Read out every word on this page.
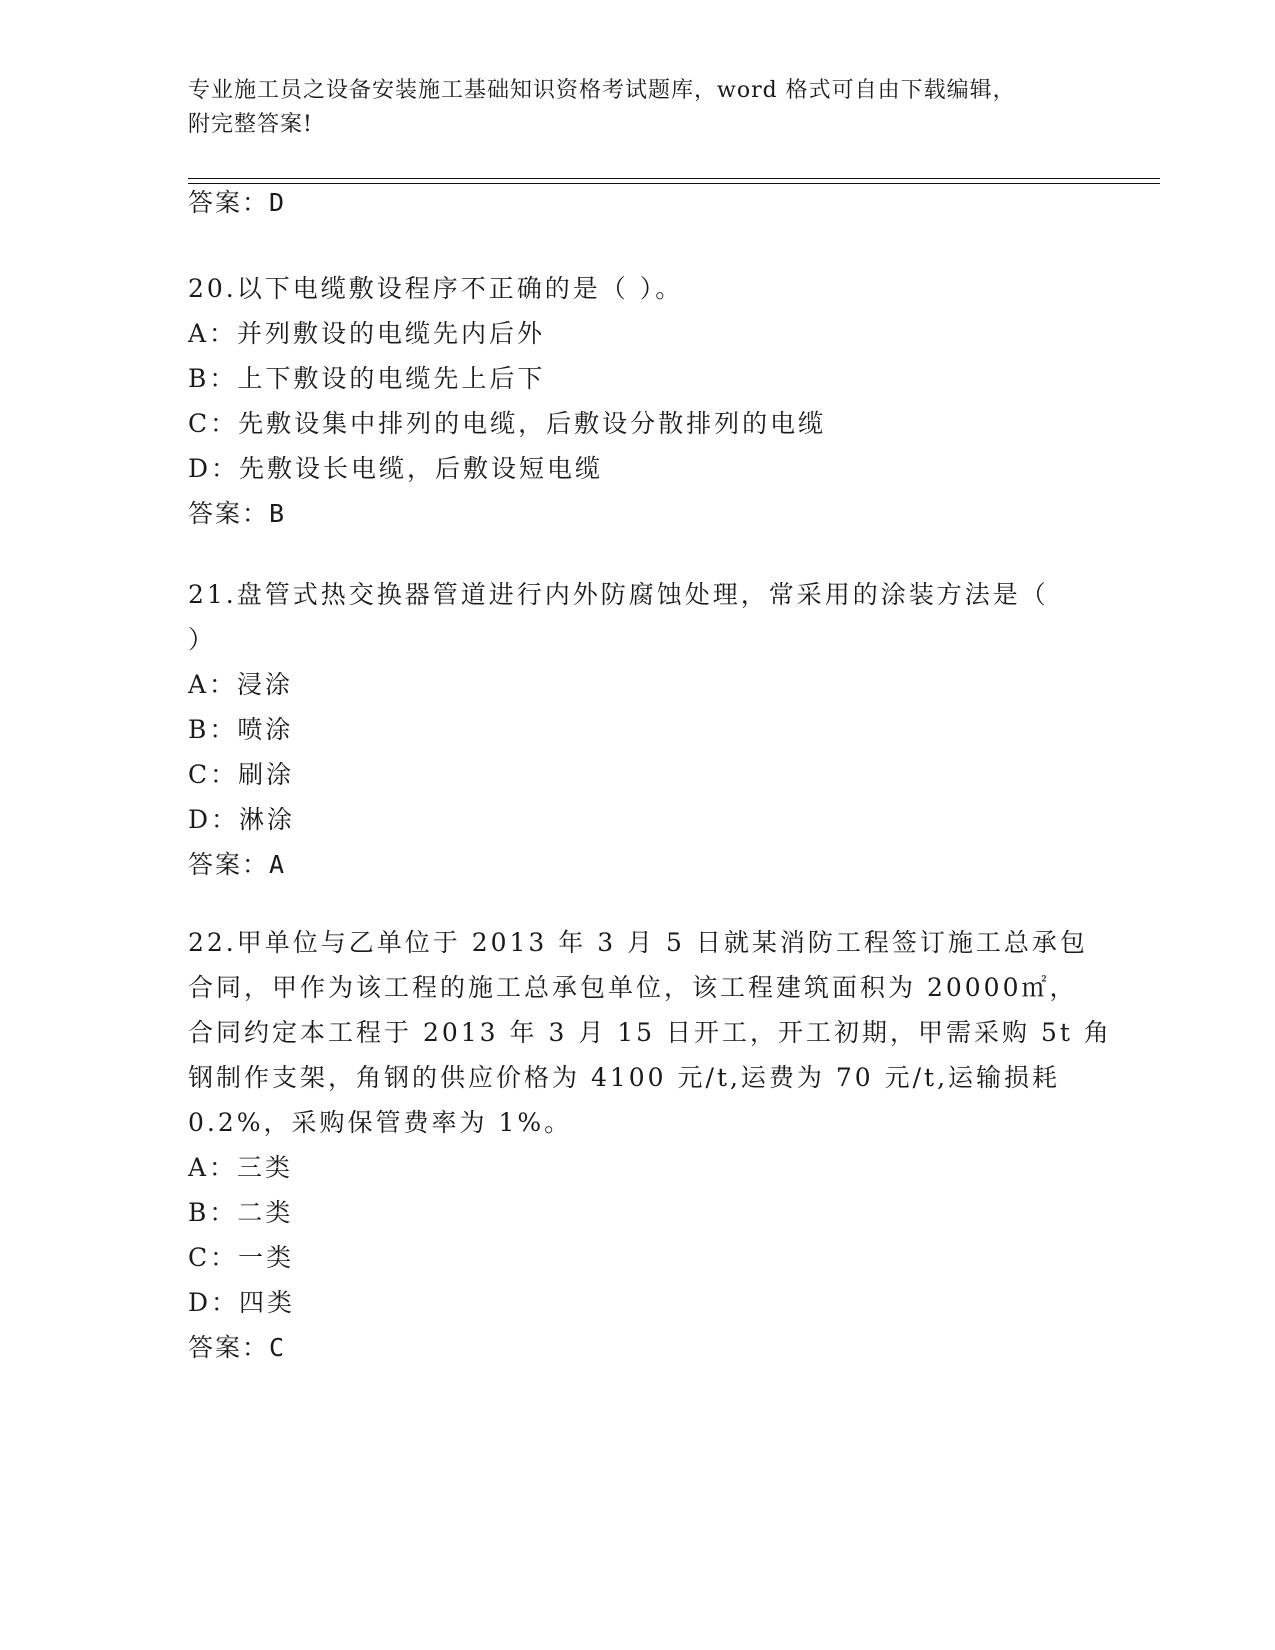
专业施工员之设备安装施工基础知识资格考试题库，word 格式可自由下载编辑，
附完整答案!
答案：D
20.以下电缆敷设程序不正确的是（ ）。
A：并列敷设的电缆先内后外
B：上下敷设的电缆先上后下
C：先敷设集中排列的电缆，后敷设分散排列的电缆
D：先敷设长电缆，后敷设短电缆
答案：B
21.盘管式热交换器管道进行内外防腐蚀处理，常采用的涂装方法是（
）
A：浸涂
B：喷涂
C：刷涂
D：淋涂
答案：A
22.甲单位与乙单位于 2013 年 3 月 5 日就某消防工程签订施工总承包
合同，甲作为该工程的施工总承包单位，该工程建筑面积为 20000㎡，
合同约定本工程于 2013 年 3 月 15 日开工，开工初期，甲需采购 5t 角
钢制作支架，角钢的供应价格为 4100 元/t,运费为 70 元/t,运输损耗
0.2%，采购保管费率为 1%。
A：三类
B：二类
C：一类
D：四类
答案：C
